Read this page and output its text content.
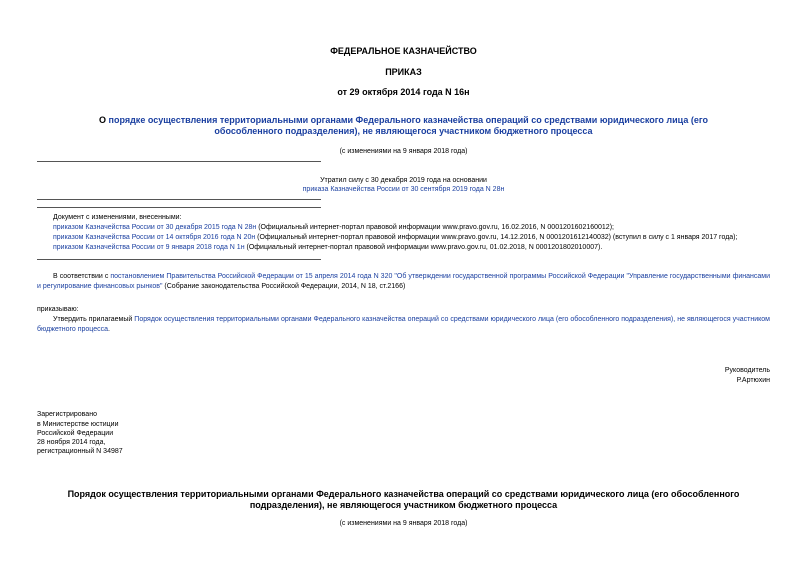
ФЕДЕРАЛЬНОЕ КАЗНАЧЕЙСТВО
ПРИКАЗ
от 29 октября 2014 года N 16н
О порядке осуществления территориальными органами Федерального казначейства операций со средствами юридического лица (его обособленного подразделения), не являющегося участником бюджетного процесса
(с изменениями на 9 января 2018 года)
Утратил силу с 30 декабря 2019 года на основании
приказа Казначейства России от 30 сентября 2019 года N 28н
Документ с изменениями, внесенными:
приказом Казначейства России от 30 декабря 2015 года N 28н (Официальный интернет-портал правовой информации www.pravo.gov.ru, 16.02.2016, N 0001201602160012);
приказом Казначейства России от 14 октября 2016 года N 20н (Официальный интернет-портал правовой информации www.pravo.gov.ru, 14.12.2016, N 0001201612140032) (вступил в силу с 1 января 2017 года);
приказом Казначейства России от 9 января 2018 года N 1н (Официальный интернет-портал правовой информации www.pravo.gov.ru, 01.02.2018, N 0001201802010007).
В соответствии с постановлением Правительства Российской Федерации от 15 апреля 2014 года N 320 "Об утверждении государственной программы Российской Федерации "Управление государственными финансами и регулирование финансовых рынков" (Собрание законодательства Российской Федерации, 2014, N 18, ст.2166)
приказываю:
Утвердить прилагаемый Порядок осуществления территориальными органами Федерального казначейства операций со средствами юридического лица (его обособленного подразделения), не являющегося участником бюджетного процесса.
Руководитель
Р.Артюхин
Зарегистрировано
в Министерстве юстиции
Российской Федерации
28 ноября 2014 года,
регистрационный N 34987
Порядок осуществления территориальными органами Федерального казначейства операций со средствами юридического лица (его обособленного подразделения), не являющегося участником бюджетного процесса
(с изменениями на 9 января 2018 года)
